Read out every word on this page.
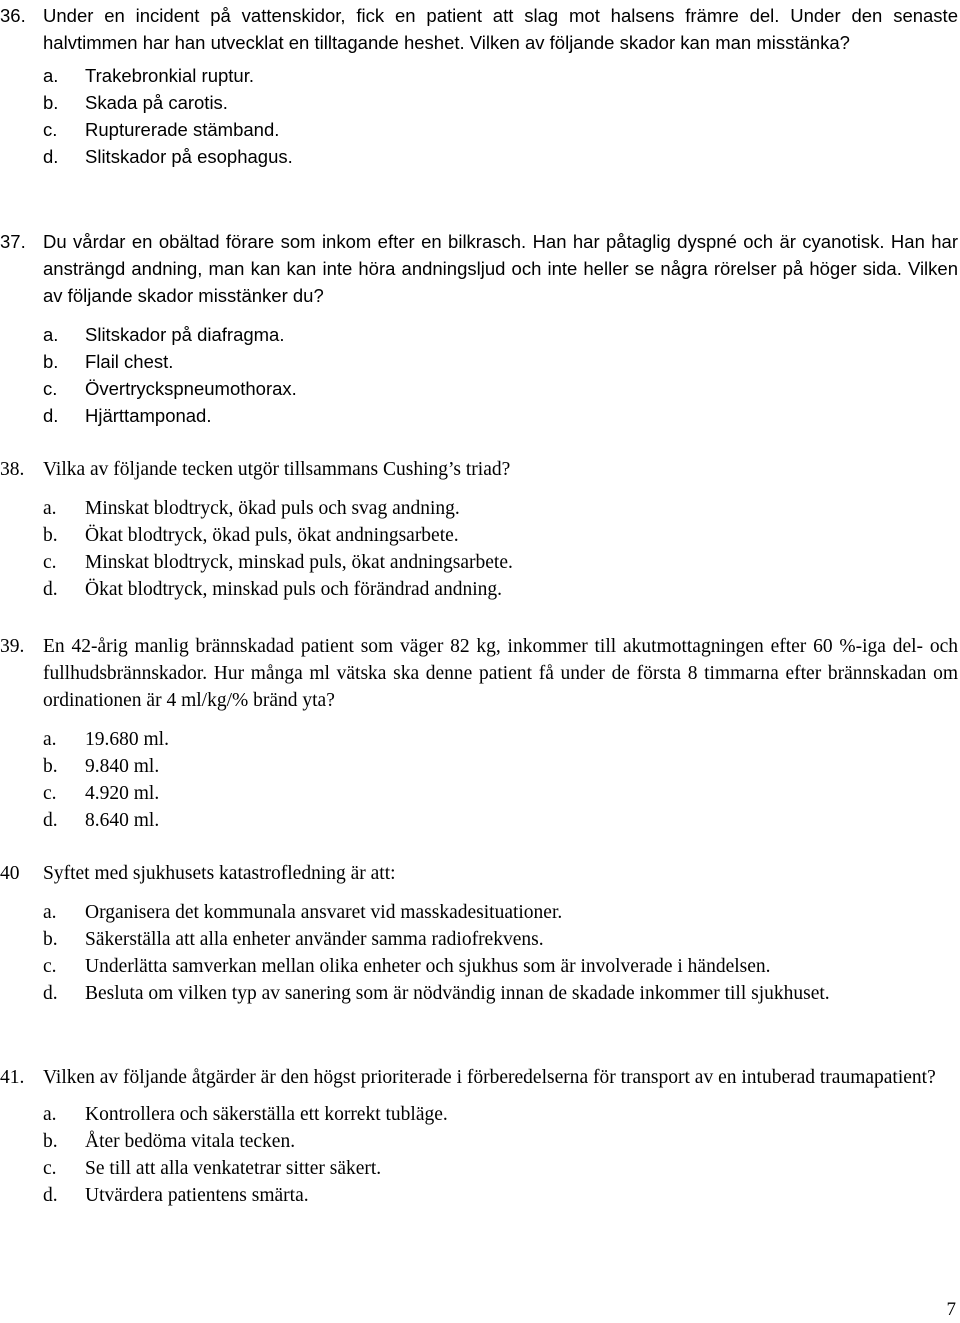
36. Under en incident på vattenskidor, fick en patient att slag mot halsens främre del. Under den senaste halvtimmen har han utvecklat en tilltagande heshet. Vilken av följande skador kan man misstänka?
a. Trakebronkial ruptur.
b. Skada på carotis.
c. Rupturerade stämband.
d. Slitskador på esophagus.
37. Du vårdar en obältad förare som inkom efter en bilkrasch. Han har påtaglig dyspné och är cyanotisk. Han har ansträngd andning, man kan kan inte höra andningsljud och inte heller se några rörelser på höger sida. Vilken av följande skador misstänker du?
a. Slitskador på diafragma.
b. Flail chest.
c. Övertryckspneumothorax.
d. Hjärttamponad.
38. Vilka av följande tecken utgör tillsammans Cushing’s triad?
a. Minskat blodtryck, ökad puls och svag andning.
b. Ökat blodtryck, ökad puls, ökat andningsarbete.
c. Minskat blodtryck, minskad puls, ökat andningsarbete.
d. Ökat blodtryck, minskad puls och förändrad andning.
39. En 42-årig manlig brännskadad patient som väger 82 kg, inkommer till akutmottagningen efter 60 %-iga del- och fullhudsbrännskador. Hur många ml vätska ska denne patient få under de första 8 timmarna efter brännskadan om ordinationen är 4 ml/kg/% bränd yta?
a. 19.680 ml.
b. 9.840 ml.
c. 4.920 ml.
d. 8.640 ml.
40 Syftet med sjukhusets katastrofledning är att:
a. Organisera det kommunala ansvaret vid masskadesituationer.
b. Säkerställa att alla enheter använder samma radiofrekvens.
c. Underlätta samverkan mellan olika enheter och sjukhus som är involverade i händelsen.
d. Besluta om vilken typ av sanering som är nödvändig innan de skadade inkommer till sjukhuset.
41. Vilken av följande åtgärder är den högst prioriterade i förberedelserna för transport av en intuberad traumapatient?
a. Kontrollera och säkerställa ett korrekt tubläge.
b. Åter bedöma vitala tecken.
c. Se till att alla venkatetrar sitter säkert.
d. Utvärdera patientens smärta.
7
